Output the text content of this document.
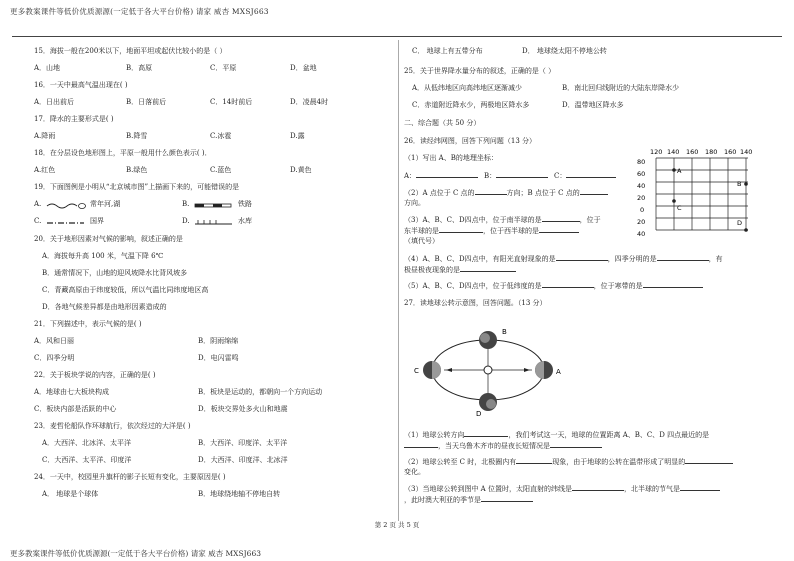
更多教案课件等低价优质源源(一定低于各大平台价格) 请家 威杏 MXSJ663
15．海拔一般在200米以下，地面平坦或起伏比较小的是（ ）
A．山地	B．高原	C．平原	D．盆地
16．一天中最高气温出现在( )
A．日出前后	B．日落前后	C．14时前后	D．凌晨4时
17．降水的主要形式是( )
A.降雨	B.降雪	C.冰雹	D.露
18．在分层设色地形图上，平原一般用什么颜色表示( )．
A.红色	B.绿色	C.蓝色	D.黄色
19．下面图例是小明从“北京城市图”上描画下来的，可能错误的是
A.	常年河,湖	B.	铁路
C.	国界	D.	水库
20．关于地形因素对气候的影响，叙述正确的是
A．海拔每升高 100 米，气温下降 6℃
B．通常情况下，山地的迎风坡降水比背风坡多
C．青藏高原由于纬度较低，所以气温比同纬度地区高
D．各地气候差异都是由地形因素造成的
21．下列描述中，表示气候的是( )
A．风和日丽	B．阴雨绵绵
C．四季分明	D．电闪雷鸣
22．关于板块学说的内容，正确的是( )
A．地球由七大板块构成	B．板块是运动的，都朝向一个方向运动
C．板块内部是活跃的中心	D．板块交界处多火山和地震
23．麦哲伦船队作环球航行，依次经过的大洋是( )
A．大西洋、北冰洋、太平洋	B．大西洋、印度洋、太平洋
C．大西洋、太平洋、印度洋	D．大西洋、印度洋、北冰洋
24．一天中，校园里升旗杆的影子长短有变化，主要原因是( )
A． 地球是个球体	B．地球绕地轴不停地自转
C． 地球上有五带分布	D． 地球绕太阳不停地公转
25．关于世界降水量分布的叙述，正确的是（ ）
A．从低纬地区向高纬地区逐渐减少	B．南北回归线附近的大陆东岸降水少
C．赤道附近降水少，两极地区降水多	D．温带地区降水多
二、综合题（共 50 分）
26．读经纬网图，回答下列问题（13 分）
（1）写出 A、B的地理坐标：
A：	B：	C：
（2）A 点位于 C 点的	方向；B 点位于 C 点的
方向。
（3）A、B、C、D四点中，位于南半球的是	，位于
东半球的是	，位于西半球的是
（填代号）
（4）A、B、C、D四点中，有阳光直射现象的是	，四季分明的是	，有
极昼极夜现象的是
（5）A、B、C、D四点中，位于低纬度的是	，位于寒带的是
27．读地球公转示意图，回答问题。（13 分）
B
C	A
D
（1）地球公转方向	，我们考试这一天，地球的位置距离 A、B、C、D 四点最近的是
，当天乌鲁木齐市的昼夜长短情况是
（2）地球公转至 C 时，北极圈内有	现象，由于地球的公转在温带形成了明显的
变化。
（3）当地球公转到图中 A 位置时，太阳直射的纬线是	，北半球的节气是
，此时澳大利亚的季节是
120 140 160 180 160 140
80
60
40
20
0
20
40
A
B
C
D
第 2 页 共 5 页
更多教案课件等低价优质源源(一定低于各大平台价格) 请家 威杏 MXSJ663
